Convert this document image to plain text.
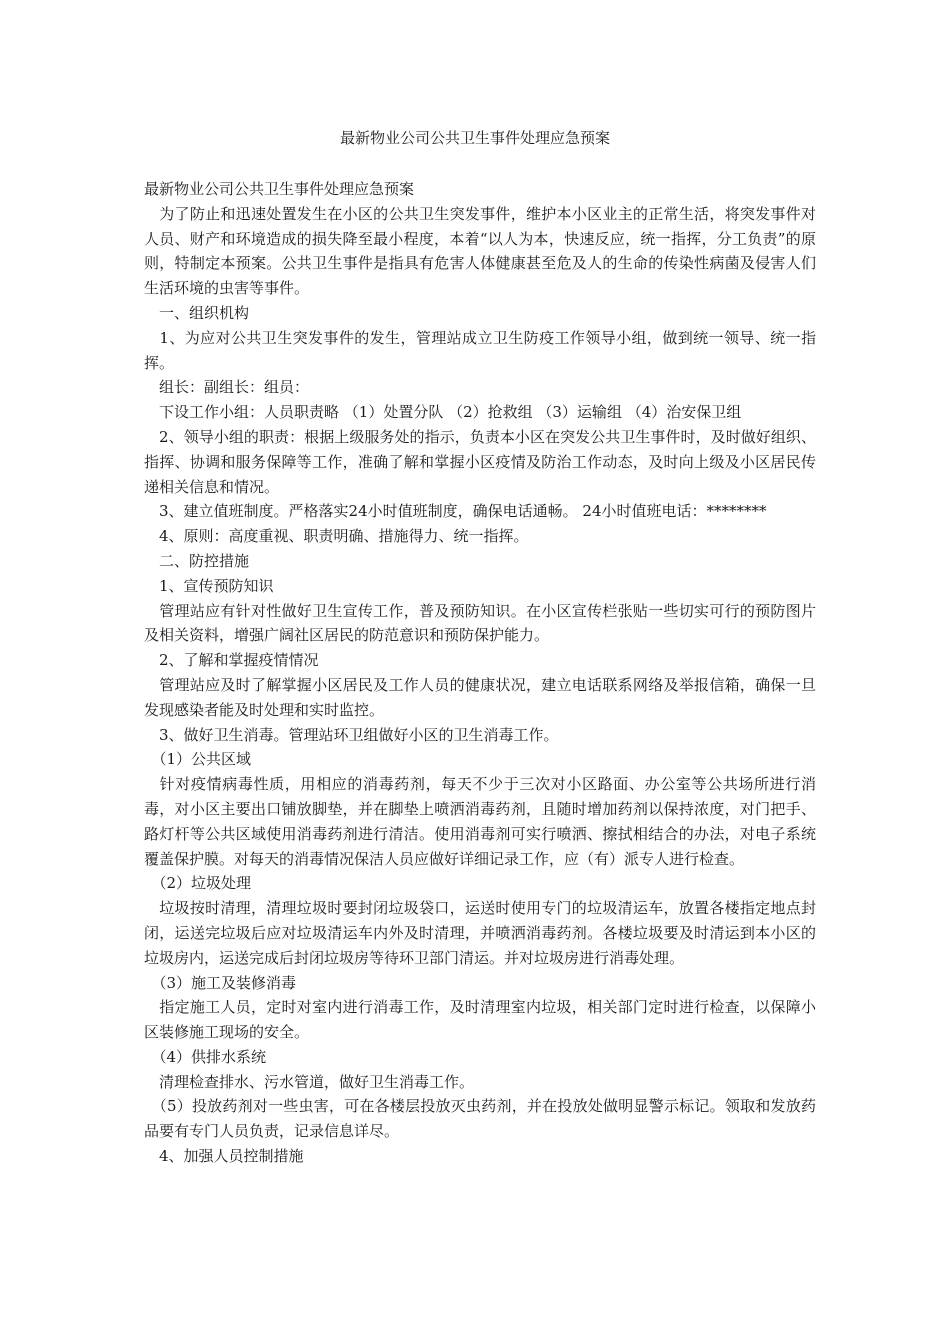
最新物业公司公共卫生事件处理应急预案

最新物业公司公共卫生事件处理应急预案

　为了防止和迅速处置发生在小区的公共卫生突发事件，维护本小区业主的正常生活，将突发事件对人员、财产和环境造成的损失降至最小程度，本着“以人为本，快速反应，统一指挥，分工负责”的原则，特制定本预案。公共卫生事件是指具有危害人体健康甚至危及人的生命的传染性病菌及侵害人们生活环境的虫害等事件。

　一、组织机构

　1、为应对公共卫生突发事件的发生，管理站成立卫生防疫工作领导小组，做到统一领导、统一指挥。

　组长：副组长：组员：

　下设工作小组：人员职责略 （1）处置分队 （2）抢救组 （3）运输组 （4）治安保卫组

　2、领导小组的职责：根据上级服务处的指示，负责本小区在突发公共卫生事件时，及时做好组织、指挥、协调和服务保障等工作，准确了解和掌握小区疫情及防治工作动态，及时向上级及小区居民传递相关信息和情况。

　3、建立值班制度。严格落实24小时值班制度，确保电话通畅。 24小时值班电话：********

　4、原则：高度重视、职责明确、措施得力、统一指挥。

　二、防控措施

　1、宣传预防知识

　管理站应有针对性做好卫生宣传工作，普及预防知识。在小区宣传栏张贴一些切实可行的预防图片及相关资料，增强广阔社区居民的防范意识和预防保护能力。

　2、了解和掌握疫情情况

　管理站应及时了解掌握小区居民及工作人员的健康状况，建立电话联系网络及举报信箱，确保一旦发现感染者能及时处理和实时监控。

　3、做好卫生消毒。管理站环卫组做好小区的卫生消毒工作。

　（1）公共区域

　针对疫情病毒性质，用相应的消毒药剂，每天不少于三次对小区路面、办公室等公共场所进行消毒，对小区主要出口铺放脚垫，并在脚垫上喷洒消毒药剂，且随时增加药剂以保持浓度，对门把手、路灯杆等公共区域使用消毒药剂进行清洁。使用消毒剂可实行喷洒、擦拭相结合的办法，对电子系统覆盖保护膜。对每天的消毒情况保洁人员应做好详细记录工作，应（有）派专人进行检查。

　（2）垃圾处理

　垃圾按时清理，清理垃圾时要封闭垃圾袋口，运送时使用专门的垃圾清运车，放置各楼指定地点封闭，运送完垃圾后应对垃圾清运车内外及时清理，并喷洒消毒药剂。各楼垃圾要及时清运到本小区的垃圾房内，运送完成后封闭垃圾房等待环卫部门清运。并对垃圾房进行消毒处理。

　（3）施工及装修消毒

　指定施工人员，定时对室内进行消毒工作，及时清理室内垃圾，相关部门定时进行检查，以保障小区装修施工现场的安全。

　（4）供排水系统

　清理检查排水、污水管道，做好卫生消毒工作。

　（5）投放药剂对一些虫害，可在各楼层投放灭虫药剂，并在投放处做明显警示标记。领取和发放药品要有专门人员负责，记录信息详尽。

　4、加强人员控制措施
